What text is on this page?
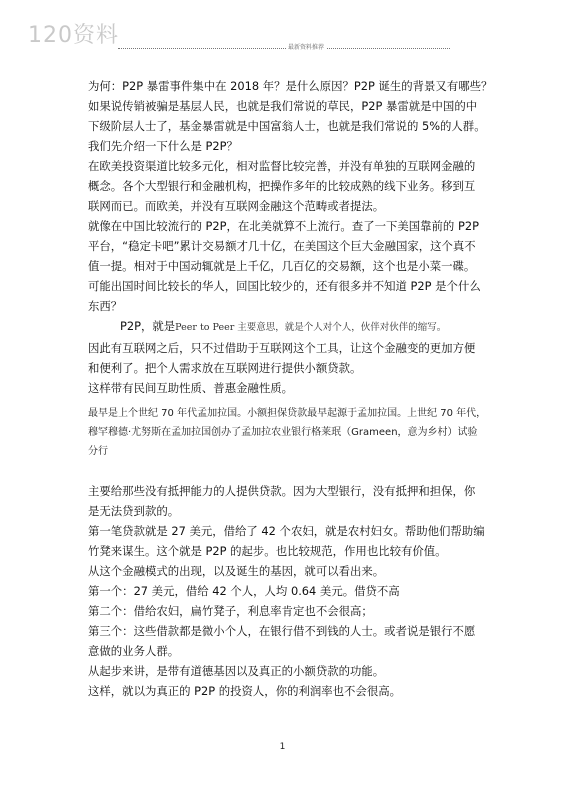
120资料	最新资料推荐

为何：P2P 暴雷事件集中在 2018 年？是什么原因？P2P 诞生的背景又有哪些？

如果说传销被骗是基层人民，也就是我们常说的草民，P2P 暴雷就是中国的中

下级阶层人士了，基金暴雷就是中国富翁人士，也就是我们常说的 5%的人群。

我们先介绍一下什么是 P2P？

在欧美投资渠道比较多元化，相对监督比较完善，并没有单独的互联网金融的

概念。各个大型银行和金融机构，把操作多年的比较成熟的线下业务。移到互

联网而已。而欧美，并没有互联网金融这个范畴或者提法。

就像在中国比较流行的 P2P，在北美就算不上流行。查了一下美国靠前的 P2P

平台，“稳定卡吧”累计交易额才几十亿，在美国这个巨大金融国家，这个真不

值一提。相对于中国动辄就是上千亿，几百亿的交易额，这个也是小菜一碟。

可能出国时间比较长的华人，回国比较少的，还有很多并不知道 P2P 是个什么

东西？

P2P，就是Peer to Peer 主要意思，就是个人对个人，伙伴对伙伴的缩写。

因此有互联网之后，只不过借助于互联网这个工具，让这个金融变的更加方便

和便利了。把个人需求放在互联网进行提供小额贷款。

这样带有民间互助性质、普惠金融性质。

最早是上个世纪 70 年代孟加拉国。小额担保贷款最早起源于孟加拉国。上世纪 70 年代，

穆罕穆德·尤努斯在孟加拉国创办了孟加拉农业银行格莱珉（Grameen，意为乡村）试验

分行

主要给那些没有抵押能力的人提供贷款。因为大型银行，没有抵押和担保，你

是无法贷到款的。

第一笔贷款就是 27 美元，借给了 42 个农妇，就是农村妇女。帮助他们帮助编

竹凳来谋生。这个就是 P2P 的起步。也比较规范，作用也比较有价值。

从这个金融模式的出现，以及诞生的基因，就可以看出来。

第一个：27 美元，借给 42 个人，人均 0.64 美元。借贷不高

第二个：借给农妇，扁竹凳子，利息率肯定也不会很高；

第三个：这些借款都是微小个人，在银行借不到钱的人士。或者说是银行不愿

意做的业务人群。

从起步来讲，是带有道德基因以及真正的小额贷款的功能。

这样，就以为真正的 P2P 的投资人，你的利润率也不会很高。

1
